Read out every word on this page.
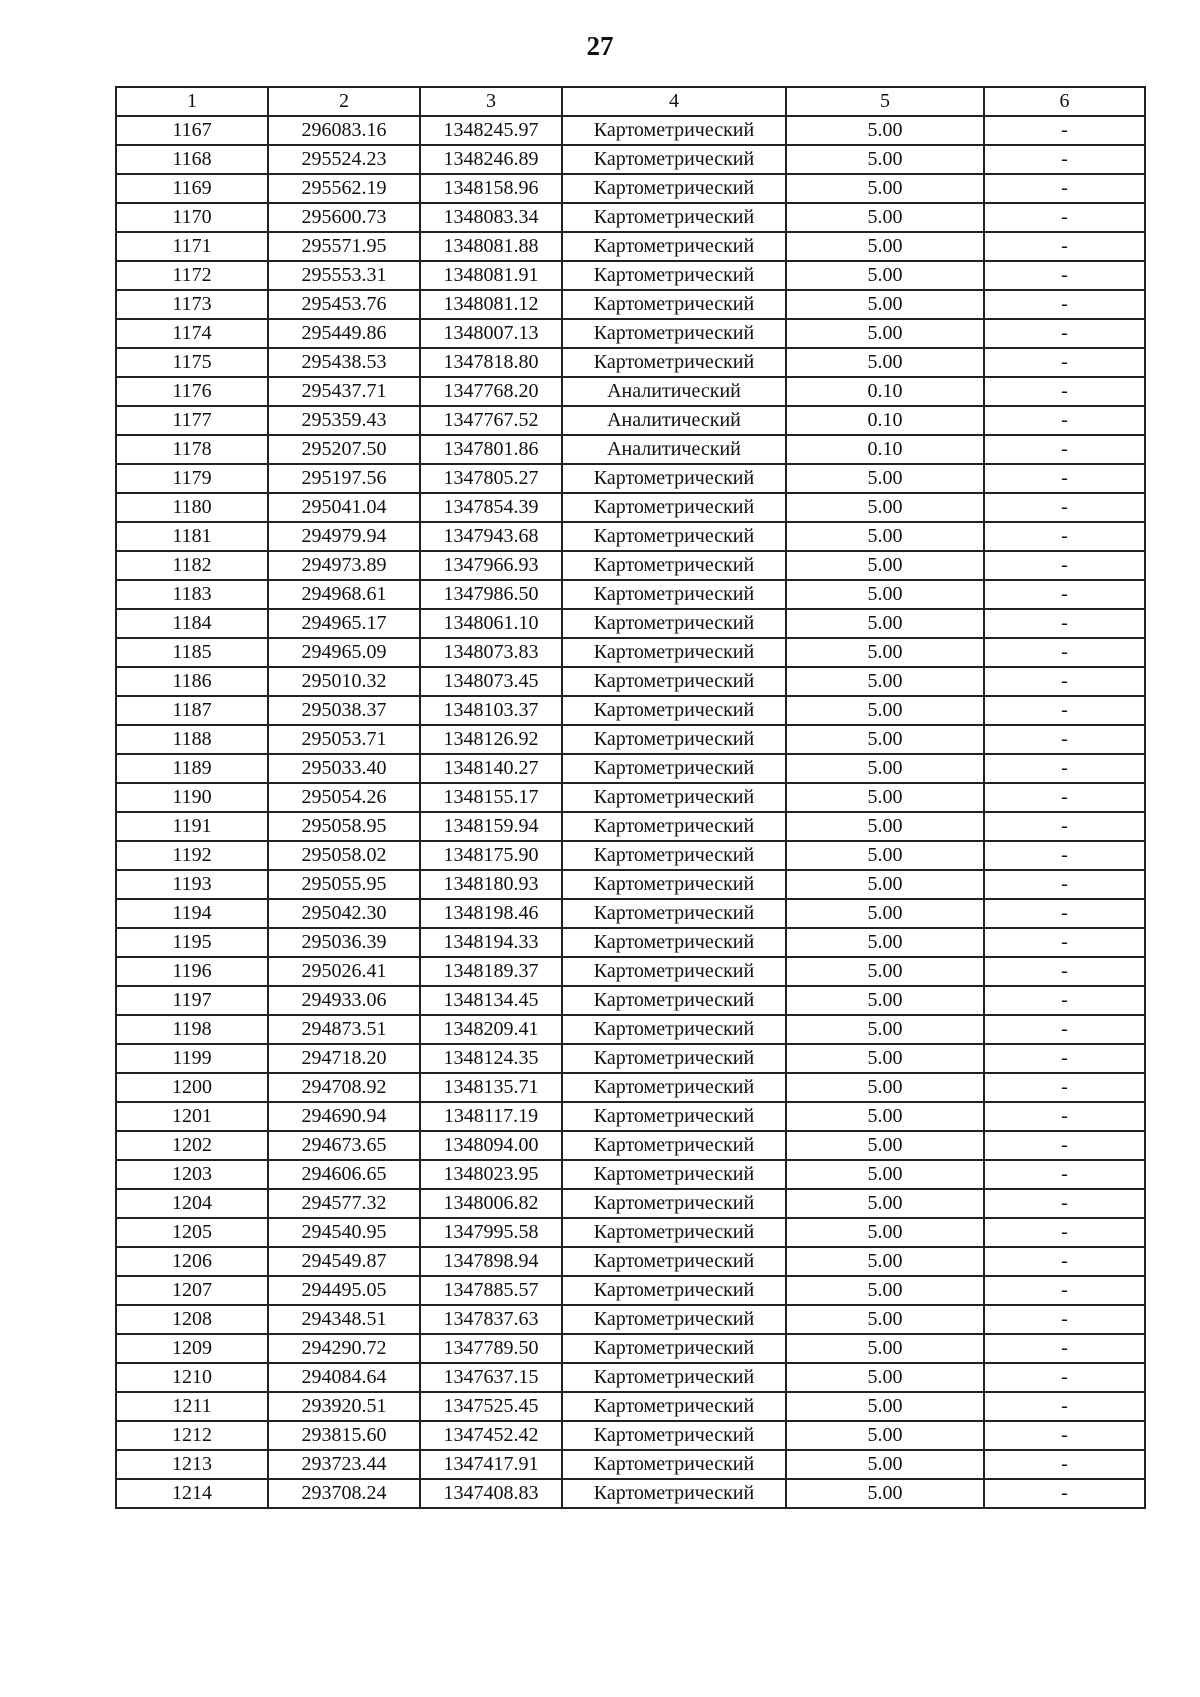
27
1	2	3	4	5	6
1167	296083.16	1348245.97	Картометрический	5.00	-
1168	295524.23	1348246.89	Картометрический	5.00	-
1169	295562.19	1348158.96	Картометрический	5.00	-
1170	295600.73	1348083.34	Картометрический	5.00	-
1171	295571.95	1348081.88	Картометрический	5.00	-
1172	295553.31	1348081.91	Картометрический	5.00	-
1173	295453.76	1348081.12	Картометрический	5.00	-
1174	295449.86	1348007.13	Картометрический	5.00	-
1175	295438.53	1347818.80	Картометрический	5.00	-
1176	295437.71	1347768.20	Аналитический	0.10	-
1177	295359.43	1347767.52	Аналитический	0.10	-
1178	295207.50	1347801.86	Аналитический	0.10	-
1179	295197.56	1347805.27	Картометрический	5.00	-
1180	295041.04	1347854.39	Картометрический	5.00	-
1181	294979.94	1347943.68	Картометрический	5.00	-
1182	294973.89	1347966.93	Картометрический	5.00	-
1183	294968.61	1347986.50	Картометрический	5.00	-
1184	294965.17	1348061.10	Картометрический	5.00	-
1185	294965.09	1348073.83	Картометрический	5.00	-
1186	295010.32	1348073.45	Картометрический	5.00	-
1187	295038.37	1348103.37	Картометрический	5.00	-
1188	295053.71	1348126.92	Картометрический	5.00	-
1189	295033.40	1348140.27	Картометрический	5.00	-
1190	295054.26	1348155.17	Картометрический	5.00	-
1191	295058.95	1348159.94	Картометрический	5.00	-
1192	295058.02	1348175.90	Картометрический	5.00	-
1193	295055.95	1348180.93	Картометрический	5.00	-
1194	295042.30	1348198.46	Картометрический	5.00	-
1195	295036.39	1348194.33	Картометрический	5.00	-
1196	295026.41	1348189.37	Картометрический	5.00	-
1197	294933.06	1348134.45	Картометрический	5.00	-
1198	294873.51	1348209.41	Картометрический	5.00	-
1199	294718.20	1348124.35	Картометрический	5.00	-
1200	294708.92	1348135.71	Картометрический	5.00	-
1201	294690.94	1348117.19	Картометрический	5.00	-
1202	294673.65	1348094.00	Картометрический	5.00	-
1203	294606.65	1348023.95	Картометрический	5.00	-
1204	294577.32	1348006.82	Картометрический	5.00	-
1205	294540.95	1347995.58	Картометрический	5.00	-
1206	294549.87	1347898.94	Картометрический	5.00	-
1207	294495.05	1347885.57	Картометрический	5.00	-
1208	294348.51	1347837.63	Картометрический	5.00	-
1209	294290.72	1347789.50	Картометрический	5.00	-
1210	294084.64	1347637.15	Картометрический	5.00	-
1211	293920.51	1347525.45	Картометрический	5.00	-
1212	293815.60	1347452.42	Картометрический	5.00	-
1213	293723.44	1347417.91	Картометрический	5.00	-
1214	293708.24	1347408.83	Картометрический	5.00	-
